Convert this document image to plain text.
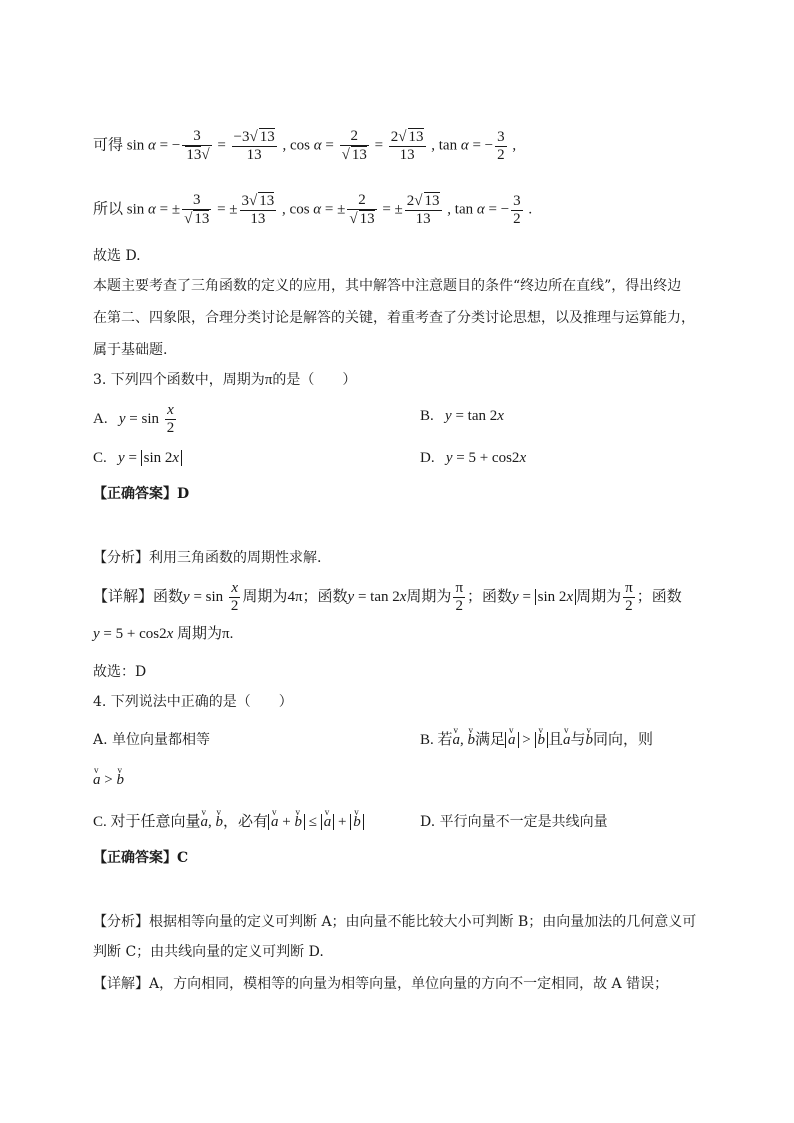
可得 sin α = − $\frac{3}{13√} = \frac{-3√ 13}{13}$ , $\cos \alpha = \frac{2}{√ 13} = \frac{2√ 13}{13}$ , tan α = − $\frac{3}{2}$ ,
所以 sin α = ± $\frac{3}{√ 13}$ = ± $\frac{3√ 13}{13}$ , cos α = ± $\frac{2}{√ 13}$ = ± $\frac{2√ 13}{13}$ , tan α = − $\frac{3}{2}$ .
故选 D.
本题主要考查了三角函数的定义的应用，其中解答中注意题目的条件“终边所在直线”，得出终边
在第二、四象限，合理分类讨论是解答的关键，着重考查了分类讨论思想，以及推理与运算能力，
属于基础题.
3. 下列四个函数中，周期为π的是（　　）
A.   $y = \sin \frac{x}{2}$	B.   y = tan 2x
C.   y = sin 2x	D.   y = 5 + cos2x
【正确答案】D
【分析】利用三角函数的周期性求解.
【详解】函数$y = \sin \frac{x}{2}$ 周期为4π；函数y = tan 2x周期为 $\frac{\pi}{2}$ ；函数y = sin 2x 周期为 $\frac{\pi}{2}$ ；函数
y = 5 + cos2x 周期为π.
故选：D
4. 下列说法中正确的是（　　）
A. 单位向量都相等	B. 若v a, v b满足 v a > v b 且v a与v b同向，则
v a > v b
C. 对于任意向量v a, v b，必有 v a + v b ≤ v a + v b	D. 平行向量不一定是共线向量
【正确答案】C
【分析】根据相等向量的定义可判断 A；由向量不能比较大小可判断 B；由向量加法的几何意义可
判断 C；由共线向量的定义可判断 D.
【详解】A，方向相同，模相等的向量为相等向量，单位向量的方向不一定相同，故 A 错误；
